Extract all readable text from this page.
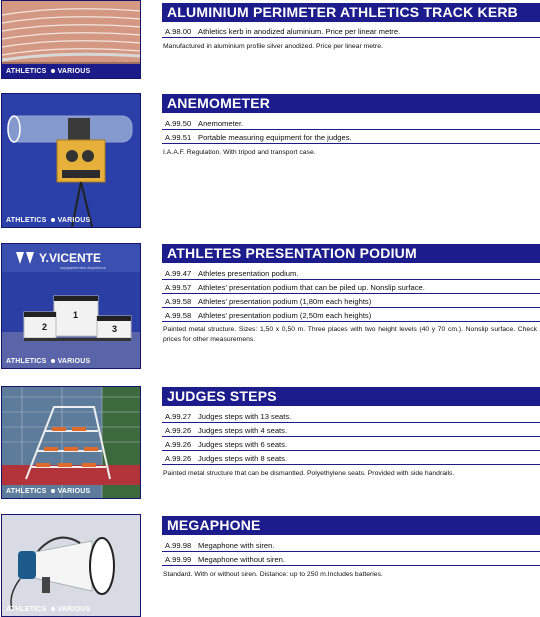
ATHLETICS VARIOUS
ALUMINIUM PERIMETER ATHLETICS TRACK KERB
A.98.00 Athletics kerb in anodized aluminium. Price per linear metre.
Manufactured in aluminium profile silver anodized. Price per linear metre.
ATHLETICS VARIOUS
ANEMOMETER
A.99.50 Anemometer.
A.99.51 Portable measuring equipment for the judges.
I.A.A.F. Regulation. With tripod and transport case.
Y.VICENTE
equipamientos deportivos
1
2	3
ATHLETICS VARIOUS
ATHLETES PRESENTATION PODIUM
A.99.47 Athletes presentation podium.
A.99.57 Athletes' presentation podium that can be piled up. Nonslip surface.
A.99.58 Athletes' presentation podium (1,80m each heights)
A.99.58 Athletes' presentation podium (2,50m each heights)
Painted metal structure. Sizes: 1,50 x 0,50 m. Three places with two height levels (40 y 70 cm.). Nonslip surface. Check prices for other measuremens.
ATHLETICS VARIOUS
JUDGES STEPS
A.99.27 Judges steps with 13 seats.
A.99.26 Judges steps with 4 seats.
A.99.26 Judges steps with 6 seats.
A.99.26 Judges steps with 8 seats.
Painted metal structure that can be dismantled. Polyethylene seats. Provided with side handrails.
ATHLETICS VARIOUS
MEGAPHONE
A.99.98 Megaphone with siren.
A.99.99 Megaphone without siren.
Standard. With or without siren. Distance: up to 250 m.Includes batteries.
